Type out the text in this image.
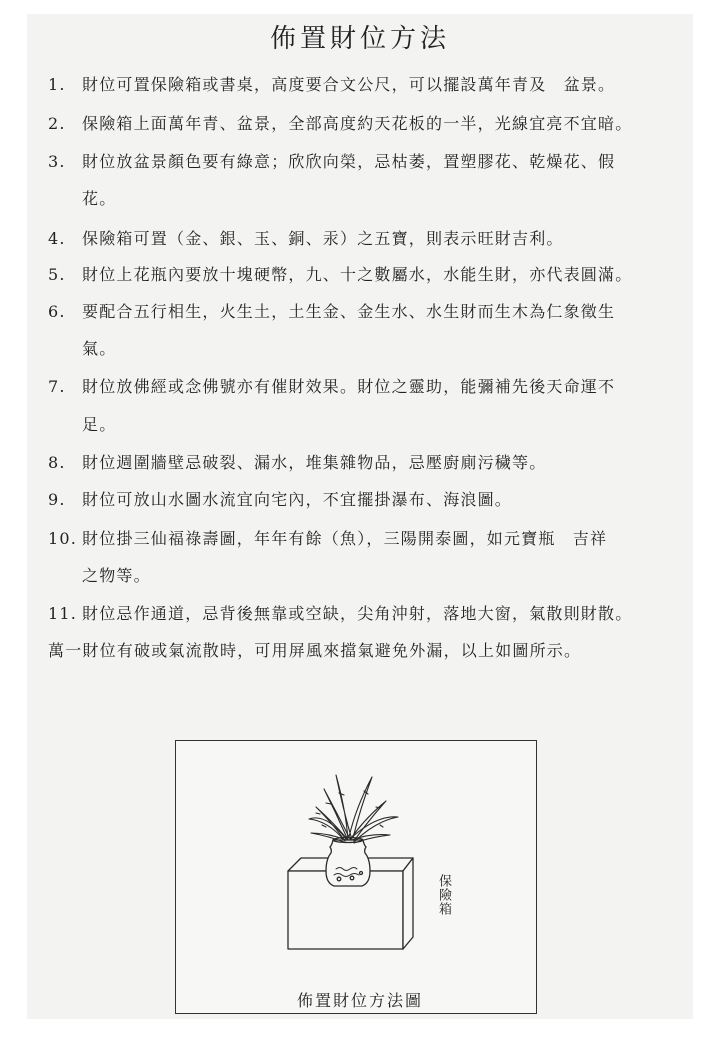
佈置財位方法
1. 財位可置保險箱或書桌，高度要合文公尺，可以擺設萬年青及　盆景。
2. 保險箱上面萬年青、盆景，全部高度約天花板的一半，光線宜亮不宜暗。
3. 財位放盆景顏色要有綠意；欣欣向榮，忌枯萎，置塑膠花、乾燥花、假
花。
4. 保險箱可置（金、銀、玉、銅、汞）之五寶，則表示旺財吉利。
5. 財位上花瓶內要放十塊硬幣，九、十之數屬水，水能生財，亦代表圓滿。
6. 要配合五行相生，火生土，土生金、金生水、水生財而生木為仁象徵生
氣。
7. 財位放佛經或念佛號亦有催財效果。財位之靈助，能彌補先後天命運不
足。
8. 財位週圍牆壁忌破裂、漏水，堆集雜物品，忌壓廚廁污穢等。
9. 財位可放山水圖水流宜向宅內，不宜擺掛瀑布、海浪圖。
10. 財位掛三仙福祿壽圖，年年有餘（魚），三陽開泰圖，如元寶瓶　吉祥
之物等。
11. 財位忌作通道，忌背後無靠或空缺，尖角沖射，落地大窗，氣散則財散。
萬一財位有破或氣流散時，可用屏風來擋氣避免外漏，以上如圖所示。
保險箱
佈置財位方法圖
